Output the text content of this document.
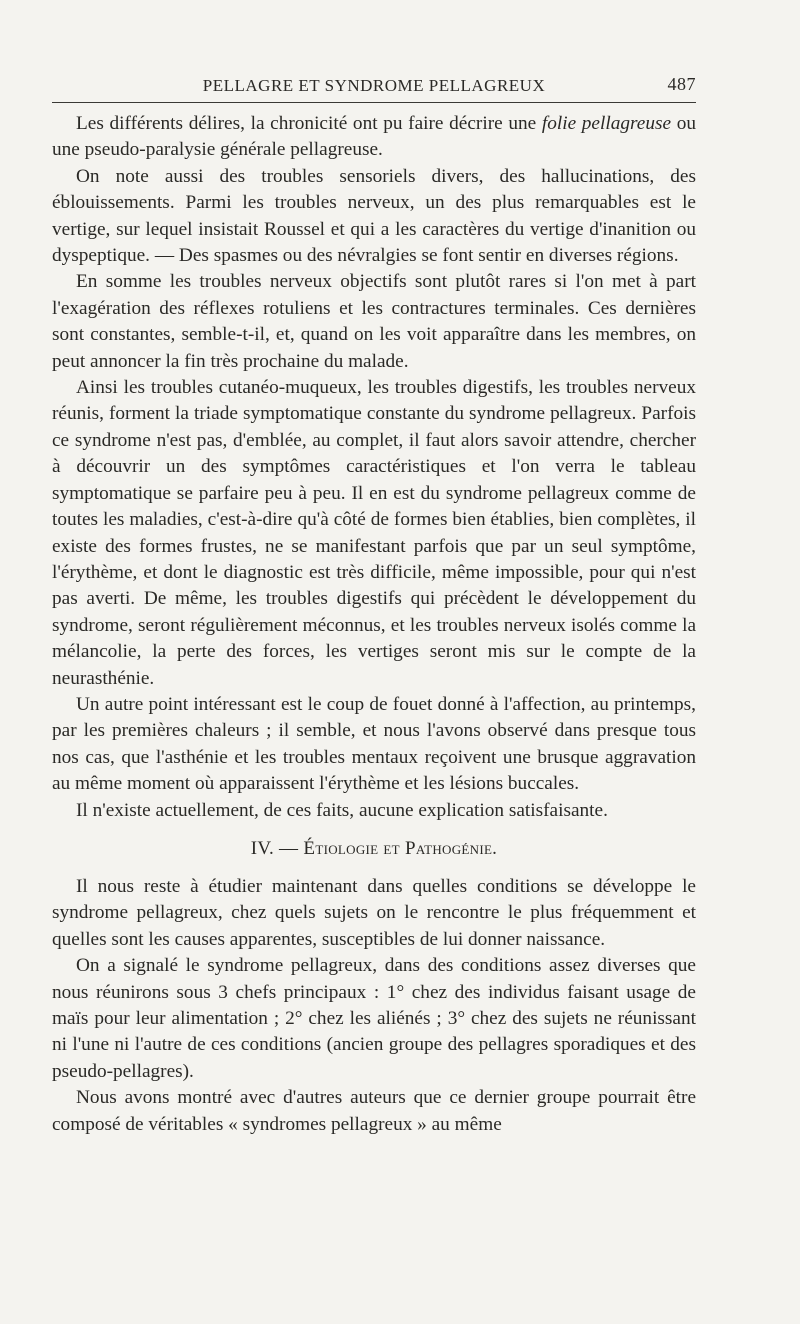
PELLAGRE ET SYNDROME PELLAGREUX	487

Les différents délires, la chronicité ont pu faire décrire une folie pellagreuse ou une pseudo-paralysie générale pellagreuse.

On note aussi des troubles sensoriels divers, des hallucinations, des éblouissements. Parmi les troubles nerveux, un des plus remarquables est le vertige, sur lequel insistait Roussel et qui a les caractères du vertige d'inanition ou dyspeptique. — Des spasmes ou des névralgies se font sentir en diverses régions.

En somme les troubles nerveux objectifs sont plutôt rares si l'on met à part l'exagération des réflexes rotuliens et les contractures terminales. Ces dernières sont constantes, semble-t-il, et, quand on les voit apparaître dans les membres, on peut annoncer la fin très prochaine du malade.

Ainsi les troubles cutanéo-muqueux, les troubles digestifs, les troubles nerveux réunis, forment la triade symptomatique constante du syndrome pellagreux. Parfois ce syndrome n'est pas, d'emblée, au complet, il faut alors savoir attendre, chercher à découvrir un des symptômes caractéristiques et l'on verra le tableau symptomatique se parfaire peu à peu. Il en est du syndrome pellagreux comme de toutes les maladies, c'est-à-dire qu'à côté de formes bien établies, bien complètes, il existe des formes frustes, ne se manifestant parfois que par un seul symptôme, l'érythème, et dont le diagnostic est très difficile, même impossible, pour qui n'est pas averti. De même, les troubles digestifs qui précèdent le développement du syndrome, seront régulièrement méconnus, et les troubles nerveux isolés comme la mélancolie, la perte des forces, les vertiges seront mis sur le compte de la neurasthénie.

Un autre point intéressant est le coup de fouet donné à l'affection, au printemps, par les premières chaleurs ; il semble, et nous l'avons observé dans presque tous nos cas, que l'asthénie et les troubles mentaux reçoivent une brusque aggravation au même moment où apparaissent l'érythème et les lésions buccales.

Il n'existe actuellement, de ces faits, aucune explication satisfaisante.

IV. — Étiologie et Pathogénie.

Il nous reste à étudier maintenant dans quelles conditions se développe le syndrome pellagreux, chez quels sujets on le rencontre le plus fréquemment et quelles sont les causes apparentes, susceptibles de lui donner naissance.

On a signalé le syndrome pellagreux, dans des conditions assez diverses que nous réunirons sous 3 chefs principaux : 1° chez des individus faisant usage de maïs pour leur alimentation ; 2° chez les aliénés ; 3° chez des sujets ne réunissant ni l'une ni l'autre de ces conditions (ancien groupe des pellagres sporadiques et des pseudo-pellagres).

Nous avons montré avec d'autres auteurs que ce dernier groupe pourrait être composé de véritables « syndromes pellagreux » au même
